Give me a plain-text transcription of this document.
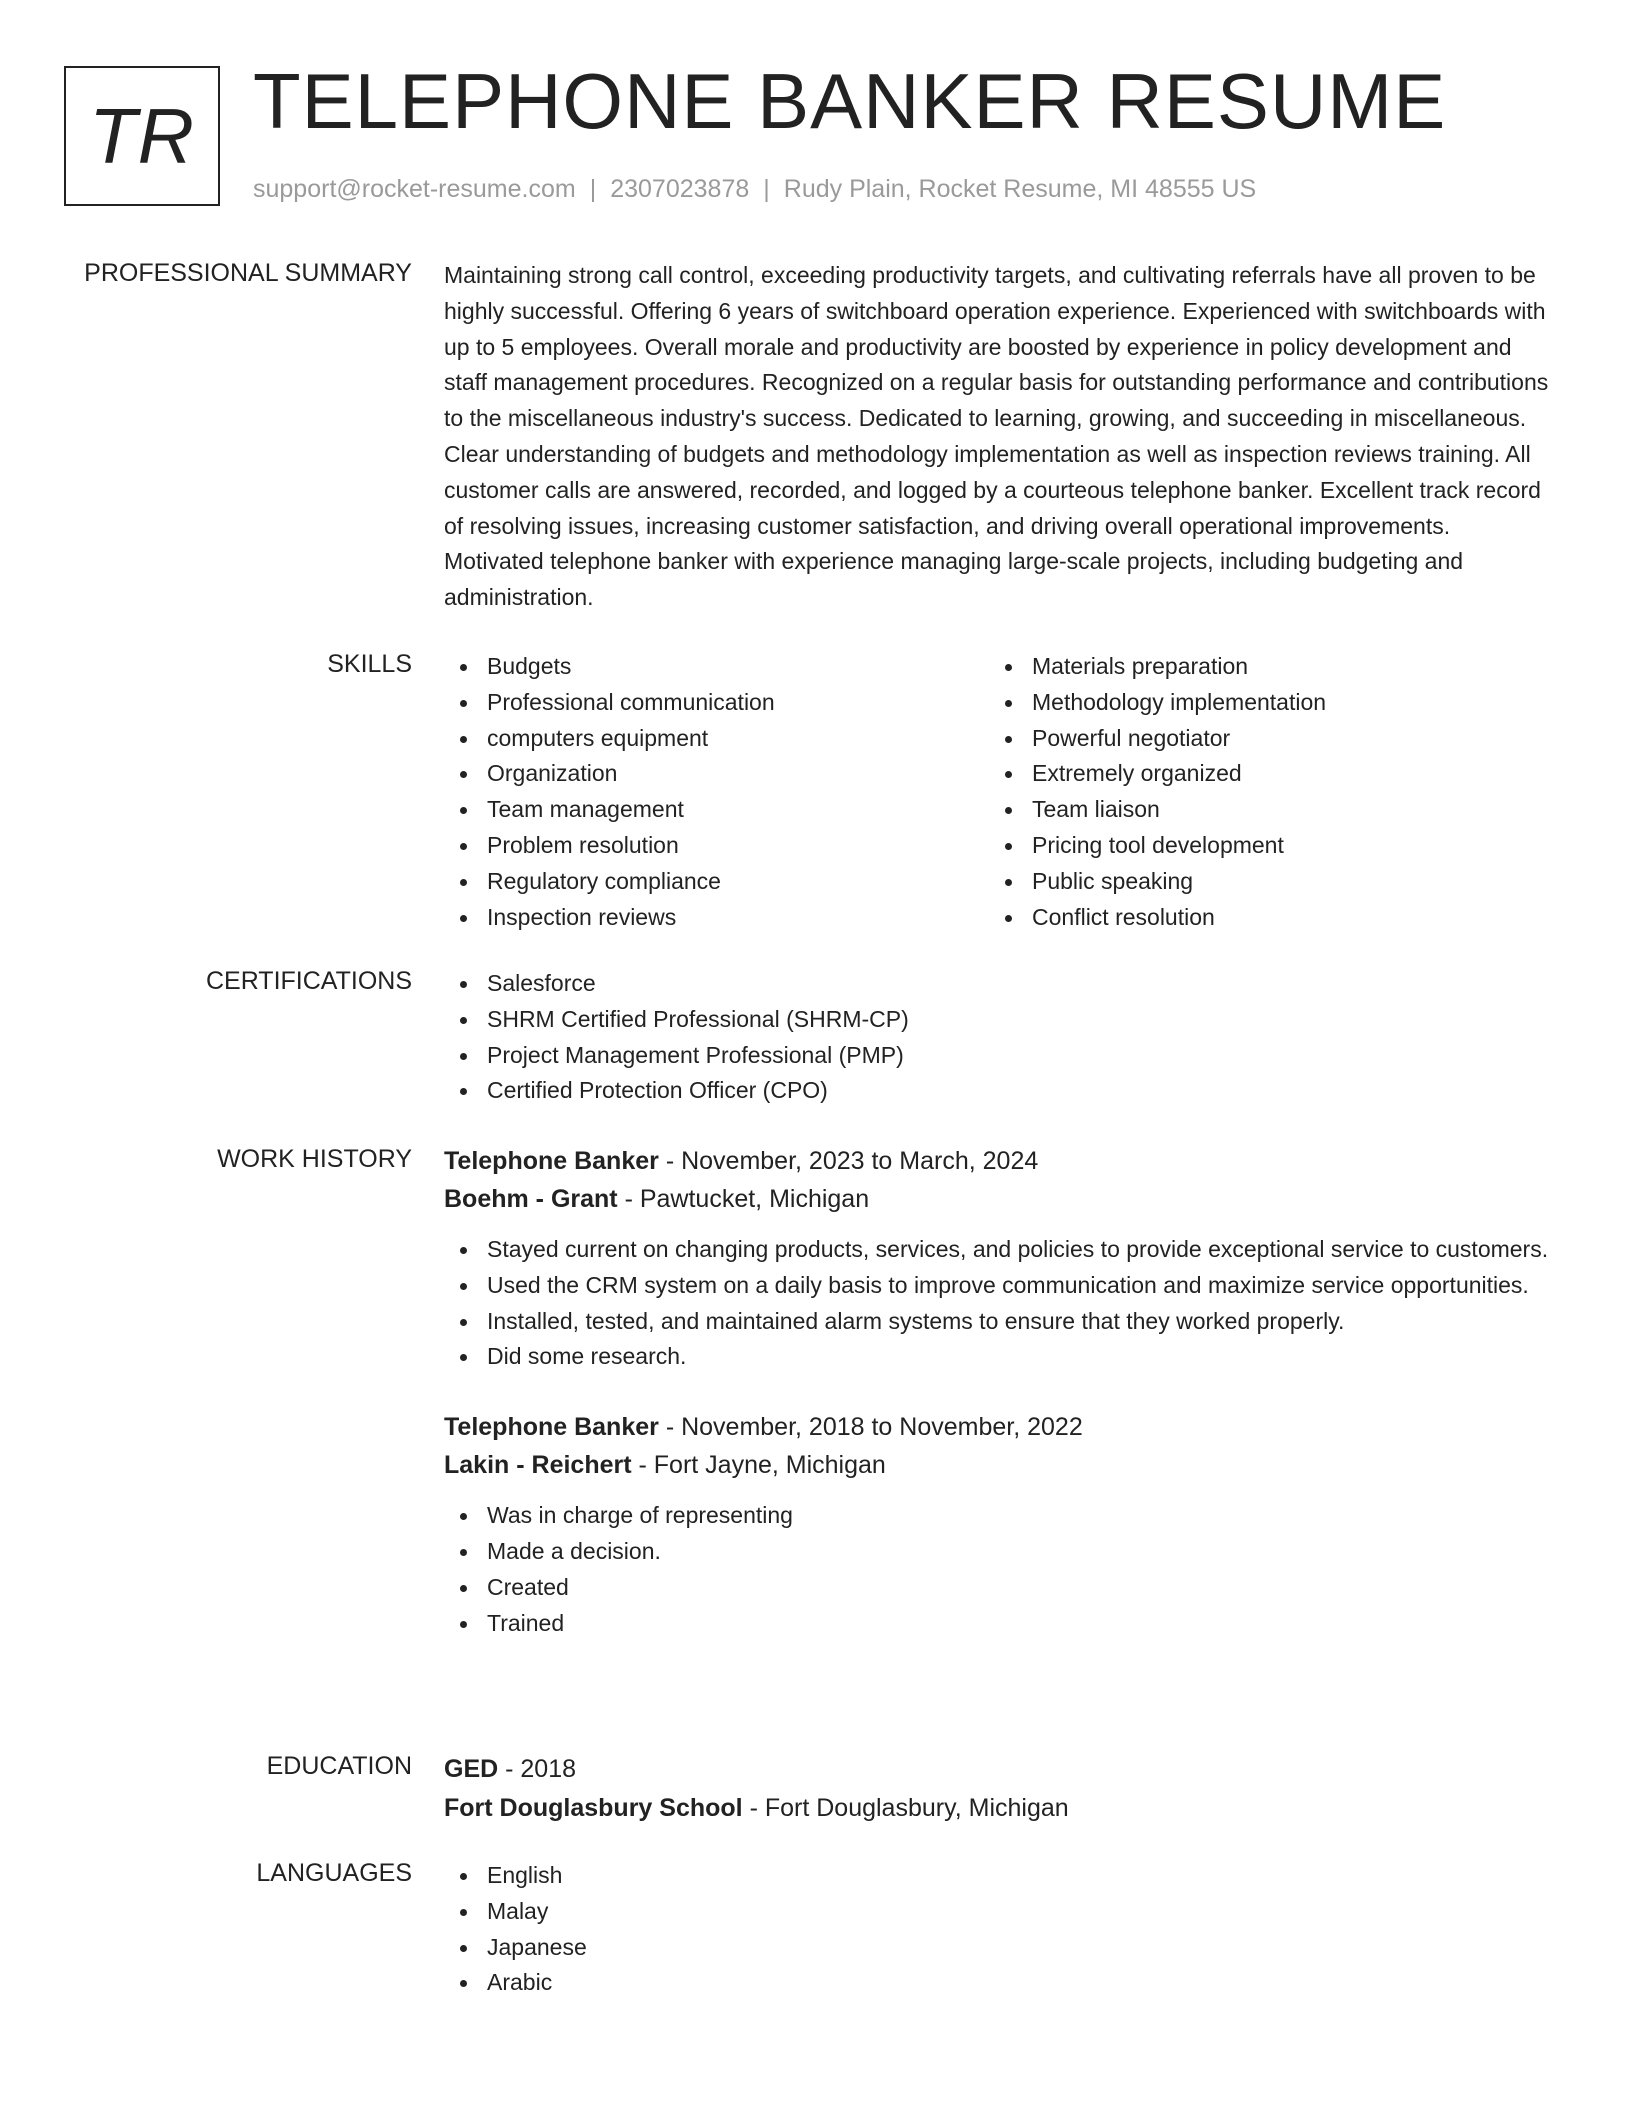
TR TELEPHONE BANKER RESUME
support@rocket-resume.com | 2307023878 | Rudy Plain, Rocket Resume, MI 48555 US
PROFESSIONAL SUMMARY Maintaining strong call control, exceeding productivity targets, and cultivating referrals have all proven to be highly successful. Offering 6 years of switchboard operation experience. Experienced with switchboards with up to 5 employees. Overall morale and productivity are boosted by experience in policy development and staff management procedures. Recognized on a regular basis for outstanding performance and contributions to the miscellaneous industry's success. Dedicated to learning, growing, and succeeding in miscellaneous. Clear understanding of budgets and methodology implementation as well as inspection reviews training. All customer calls are answered, recorded, and logged by a courteous telephone banker. Excellent track record of resolving issues, increasing customer satisfaction, and driving overall operational improvements. Motivated telephone banker with experience managing large-scale projects, including budgeting and administration.
SKILLS	Budgets
Professional communication
computers equipment
Organization
Team management
Problem resolution
Regulatory compliance
Inspection reviews
Materials preparation
Methodology implementation
Powerful negotiator
Extremely organized
Team liaison
Pricing tool development
Public speaking
Conflict resolution
CERTIFICATIONS	Salesforce
SHRM Certified Professional (SHRM-CP)
Project Management Professional (PMP)
Certified Protection Officer (CPO)
WORK HISTORY Telephone Banker - November, 2023 to March, 2024
Boehm - Grant - Pawtucket, Michigan
Stayed current on changing products, services, and policies to provide exceptional service to customers.
Used the CRM system on a daily basis to improve communication and maximize service opportunities.
Installed, tested, and maintained alarm systems to ensure that they worked properly.
Did some research.
Telephone Banker - November, 2018 to November, 2022
Lakin - Reichert - Fort Jayne, Michigan
Was in charge of representing
Made a decision.
Created
Trained
EDUCATION GED - 2018
Fort Douglasbury School - Fort Douglasbury, Michigan
LANGUAGES	English
Malay
Japanese
Arabic
